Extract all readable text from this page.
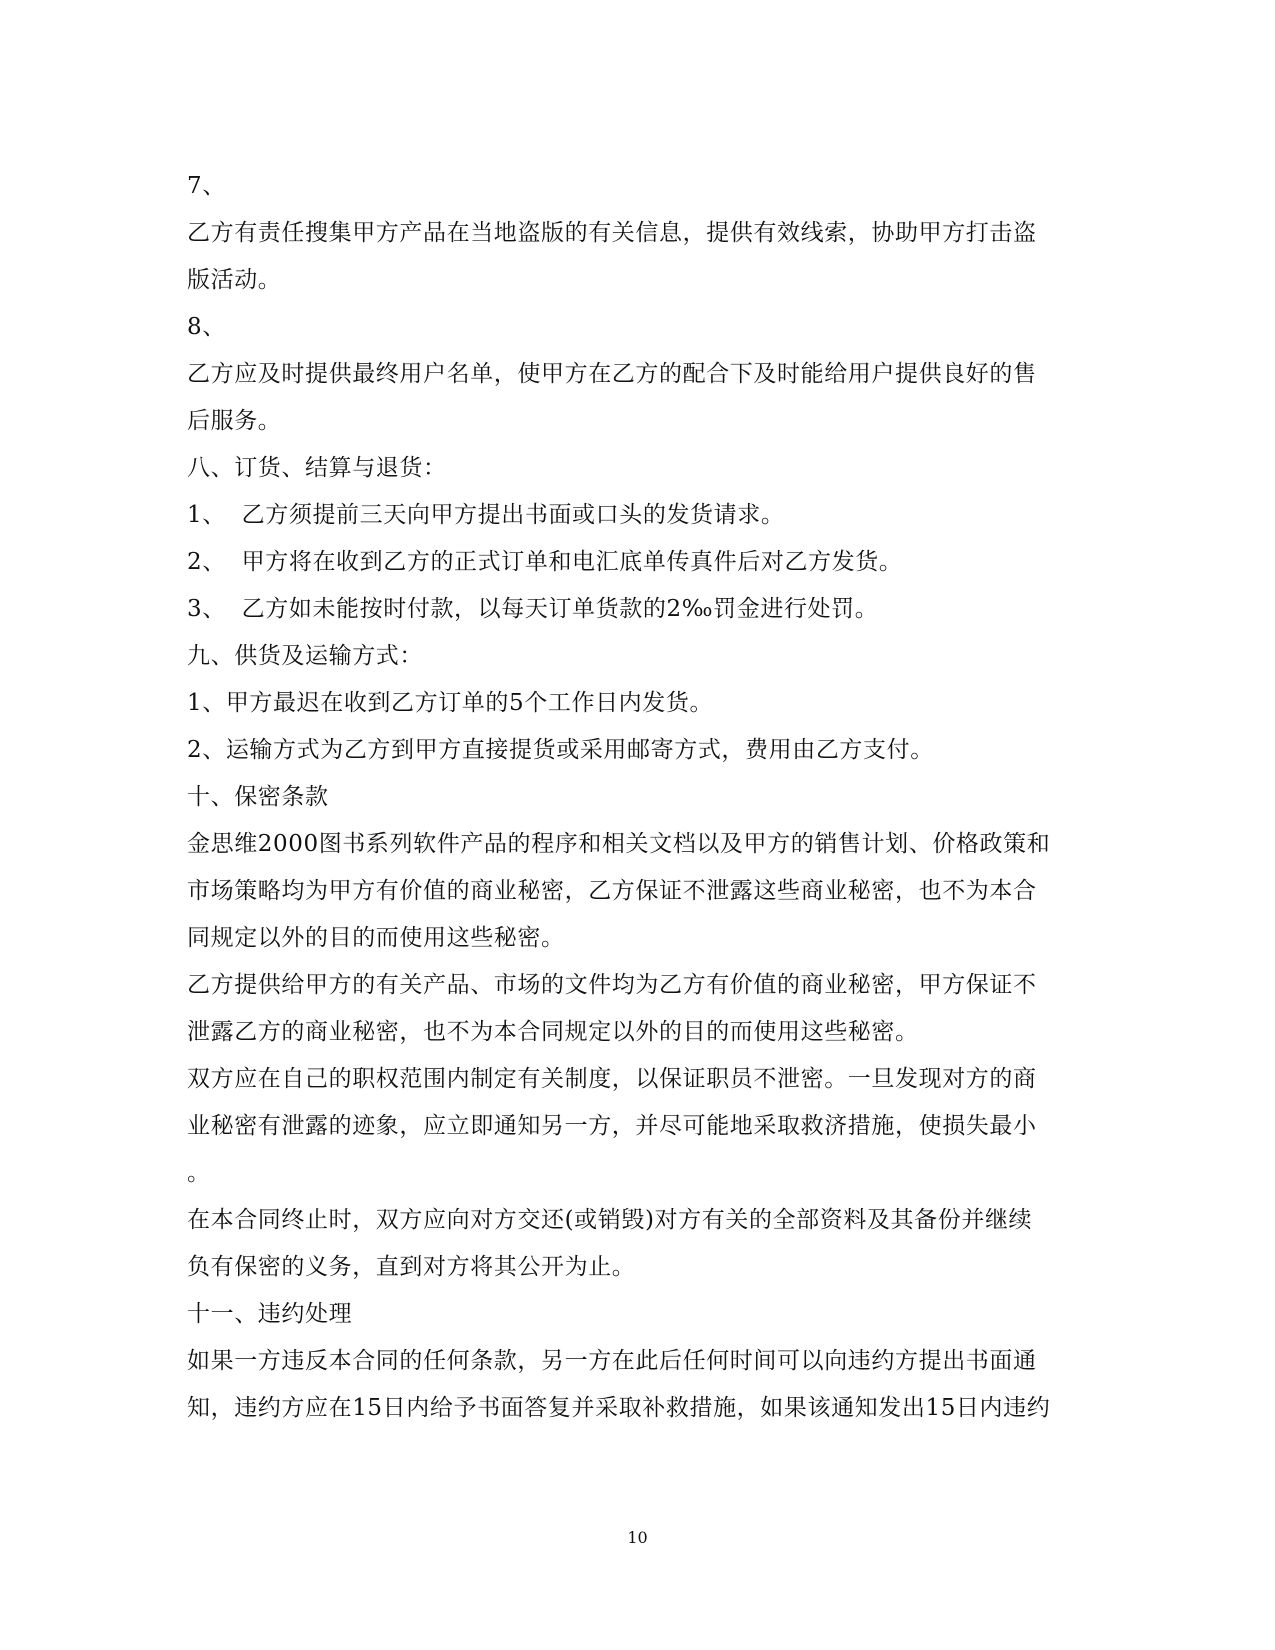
7、
乙方有责任搜集甲方产品在当地盗版的有关信息，提供有效线索，协助甲方打击盗
版活动。
8、
乙方应及时提供最终用户名单，使甲方在乙方的配合下及时能给用户提供良好的售
后服务。
八、订货、结算与退货：
1、  乙方须提前三天向甲方提出书面或口头的发货请求。
2、  甲方将在收到乙方的正式订单和电汇底单传真件后对乙方发货。
3、  乙方如未能按时付款，以每天订单货款的2‰罚金进行处罚。
九、供货及运输方式：
1、甲方最迟在收到乙方订单的5个工作日内发货。
2、运输方式为乙方到甲方直接提货或采用邮寄方式，费用由乙方支付。
十、保密条款
金思维2000图书系列软件产品的程序和相关文档以及甲方的销售计划、价格政策和
市场策略均为甲方有价值的商业秘密，乙方保证不泄露这些商业秘密，也不为本合
同规定以外的目的而使用这些秘密。
乙方提供给甲方的有关产品、市场的文件均为乙方有价值的商业秘密，甲方保证不
泄露乙方的商业秘密，也不为本合同规定以外的目的而使用这些秘密。
双方应在自己的职权范围内制定有关制度，以保证职员不泄密。一旦发现对方的商
业秘密有泄露的迹象，应立即通知另一方，并尽可能地采取救济措施，使损失最小
。
在本合同终止时，双方应向对方交还(或销毁)对方有关的全部资料及其备份并继续
负有保密的义务，直到对方将其公开为止。
十一、违约处理
如果一方违反本合同的任何条款，另一方在此后任何时间可以向违约方提出书面通
知，违约方应在15日内给予书面答复并采取补救措施，如果该通知发出15日内违约
10
